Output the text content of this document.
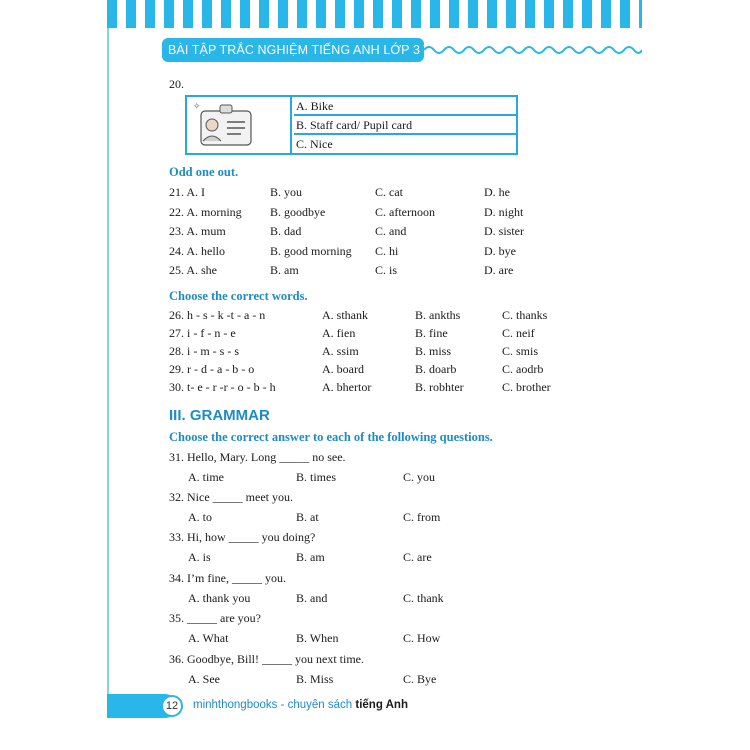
BÀI TẬP TRẮC NGHIỆM TIẾNG ANH LỚP 3 TẬP 1
20.
✧	A. Bike
B. Staff card/ Pupil card
C. Nice
Odd one out.
21. A. I	B. you	C. cat	D. he
22. A. morning B. goodbye	C. afternoon	D. night
23. A. mum	B. dad	C. and	D. sister
24. A. hello	B. good morning C. hi	D. bye
25. A. she	B. am	C. is	D. are
Choose the correct words.
26. h - s - k -t - a - n	A. sthank	B. ankths	C. thanks
27. i - f - n - e	A. fien	B. fine	C. neif
28. i - m - s - s	A. ssim	B. miss	C. smis
29. r - d - a - b - o	A. board	B. doarb	C. aodrb
30. t- e - r -r - o - b - h	A. bhertor	B. robhter	C. brother
III. GRAMMAR
Choose the correct answer to each of the following questions.
31. Hello, Mary. Long _____ no see.
A. time	B. times	C. you
32. Nice _____ meet you.
A. to	B. at	C. from
33. Hi, how _____ you doing?
A. is	B. am	C. are
34. I’m fine, _____ you.
A. thank you	B. and	C. thank
35. _____ are you?
A. What	B. When	C. How
36. Goodbye, Bill! _____ you next time.
A. See	B. Miss	C. Bye
12	minhthongbooks - chuyên sách tiếng Anh
